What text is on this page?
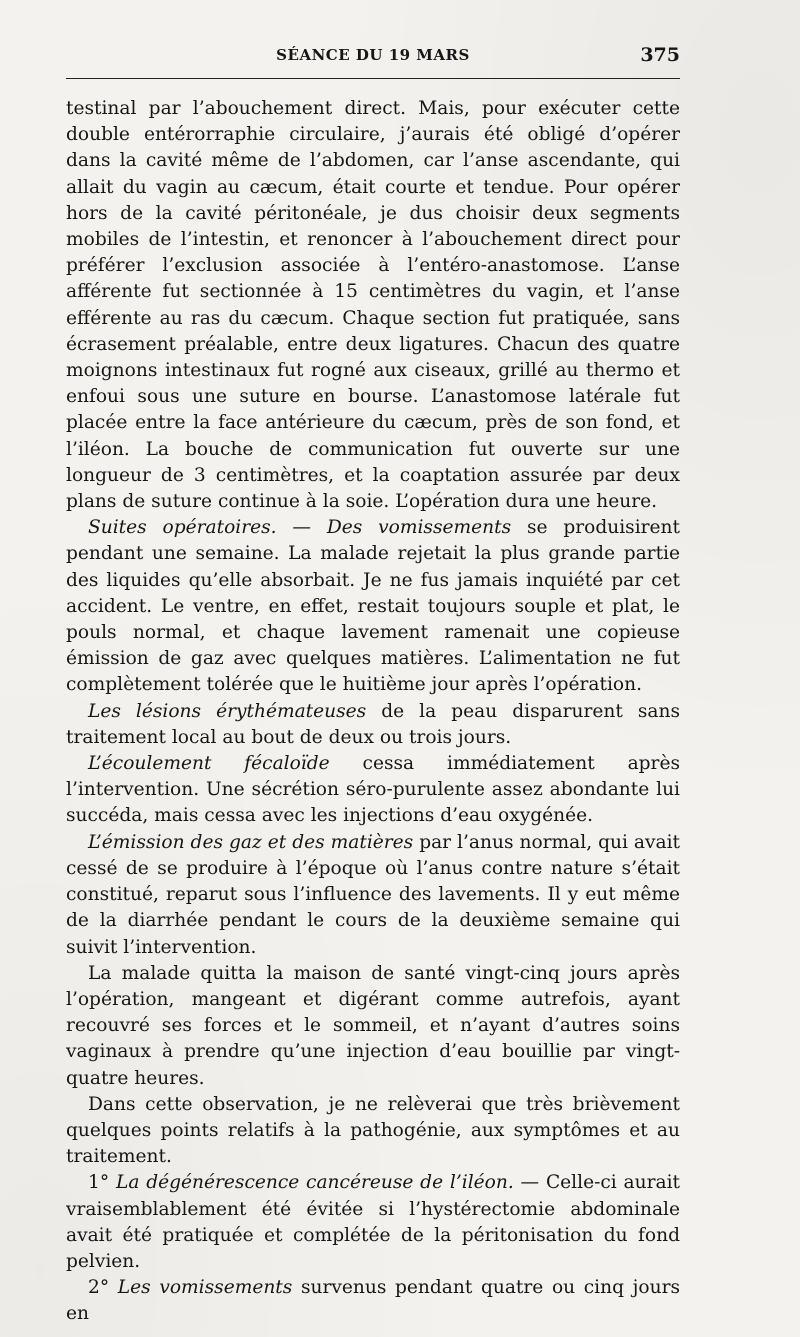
SÉANCE DU 19 MARS	375

testinal par l’abouchement direct. Mais, pour exécuter cette double entérorraphie circulaire, j’aurais été obligé d’opérer dans la cavité même de l’abdomen, car l’anse ascendante, qui allait du vagin au cæcum, était courte et tendue. Pour opérer hors de la cavité péritonéale, je dus choisir deux segments mobiles de l’intestin, et renoncer à l’abouchement direct pour préférer l’exclusion associée à l’entéro-anastomose. L’anse afférente fut sectionnée à 15 centimètres du vagin, et l’anse efférente au ras du cæcum. Chaque section fut pratiquée, sans écrasement préalable, entre deux ligatures. Chacun des quatre moignons intestinaux fut rogné aux ciseaux, grillé au thermo et enfoui sous une suture en bourse. L’anastomose latérale fut placée entre la face antérieure du cæcum, près de son fond, et l’iléon. La bouche de communication fut ouverte sur une longueur de 3 centimètres, et la coaptation assurée par deux plans de suture continue à la soie. L’opération dura une heure.

Suites opératoires. — Des vomissements se produisirent pendant une semaine. La malade rejetait la plus grande partie des liquides qu’elle absorbait. Je ne fus jamais inquiété par cet accident. Le ventre, en effet, restait toujours souple et plat, le pouls normal, et chaque lavement ramenait une copieuse émission de gaz avec quelques matières. L’alimentation ne fut complètement tolérée que le huitième jour après l’opération.

Les lésions érythémateuses de la peau disparurent sans traitement local au bout de deux ou trois jours.

L’écoulement fécaloïde cessa immédiatement après l’intervention. Une sécrétion séro-purulente assez abondante lui succéda, mais cessa avec les injections d’eau oxygénée.

L’émission des gaz et des matières par l’anus normal, qui avait cessé de se produire à l’époque où l’anus contre nature s’était constitué, reparut sous l’influence des lavements. Il y eut même de la diarrhée pendant le cours de la deuxième semaine qui suivit l’intervention.

La malade quitta la maison de santé vingt-cinq jours après l’opération, mangeant et digérant comme autrefois, ayant recouvré ses forces et le sommeil, et n’ayant d’autres soins vaginaux à prendre qu’une injection d’eau bouillie par vingt-quatre heures.

Dans cette observation, je ne relèverai que très brièvement quelques points relatifs à la pathogénie, aux symptômes et au traitement.

1° La dégénérescence cancéreuse de l’iléon. — Celle-ci aurait vraisemblablement été évitée si l’hystérectomie abdominale avait été pratiquée et complétée de la péritonisation du fond pelvien.

2° Les vomissements survenus pendant quatre ou cinq jours en
